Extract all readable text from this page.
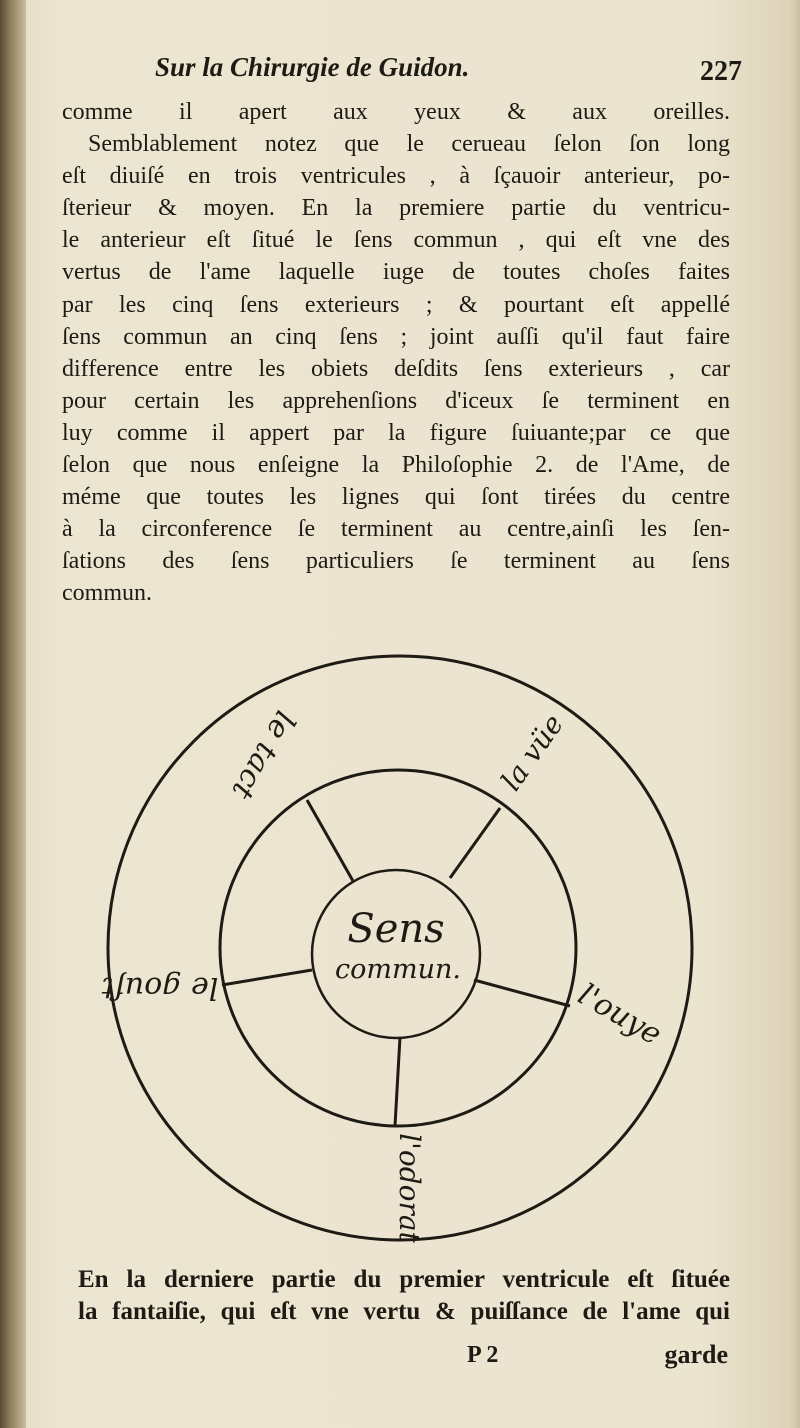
Sur la Chirurgie de Guidon.	227
comme il apert aux yeux & aux oreilles.
Semblablement notez que le cerueau ſelon ſon long
eſt diuiſé en trois ventricules , à ſçauoir anterieur, po-
ſterieur & moyen. En la premiere partie du ventricu-
le anterieur eſt ſitué le ſens commun , qui eſt vne des
vertus de l'ame laquelle iuge de toutes choſes faites
par les cinq ſens exterieurs ; & pourtant eſt appellé
ſens commun an cinq ſens ; joint auſſi qu'il faut faire
difference entre les obiets deſdits ſens exterieurs , car
pour certain les apprehenſions d'iceux ſe terminent en
luy comme il appert par la figure ſuiuante;par ce que
ſelon que nous enſeigne la Philoſophie 2. de l'Ame, de
méme que toutes les lignes qui ſont tirées du centre
à la circonference ſe terminent au centre,ainſi les ſen-
ſations des ſens particuliers ſe terminent au ſens
commun.
Sens
commun.
le tact	la vüe
l'ouye
l'odorat
le gouſt
En la derniere partie du premier ventricule eſt ſituée
la fantaiſie, qui eſt vne vertu & puiſſance de l'ame qui
P 2	garde
